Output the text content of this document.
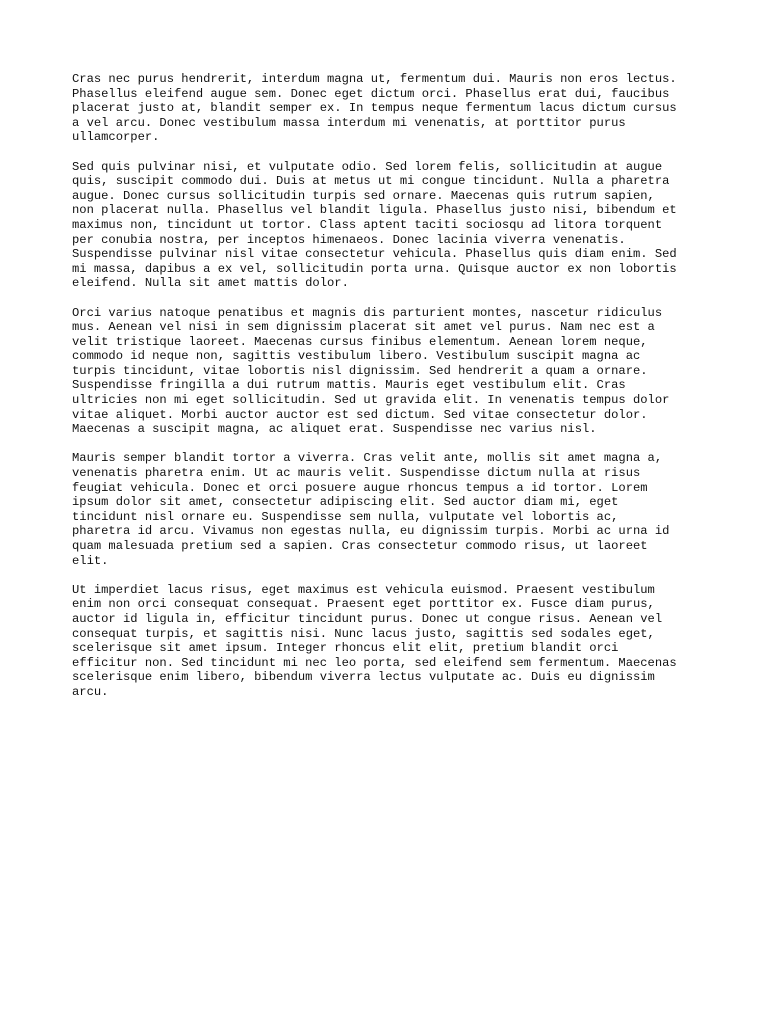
Cras nec purus hendrerit, interdum magna ut, fermentum dui. Mauris non eros lectus.
Phasellus eleifend augue sem. Donec eget dictum orci. Phasellus erat dui, faucibus
placerat justo at, blandit semper ex. In tempus neque fermentum lacus dictum cursus
a vel arcu. Donec vestibulum massa interdum mi venenatis, at porttitor purus
ullamcorper.

Sed quis pulvinar nisi, et vulputate odio. Sed lorem felis, sollicitudin at augue
quis, suscipit commodo dui. Duis at metus ut mi congue tincidunt. Nulla a pharetra
augue. Donec cursus sollicitudin turpis sed ornare. Maecenas quis rutrum sapien,
non placerat nulla. Phasellus vel blandit ligula. Phasellus justo nisi, bibendum et
maximus non, tincidunt ut tortor. Class aptent taciti sociosqu ad litora torquent
per conubia nostra, per inceptos himenaeos. Donec lacinia viverra venenatis.
Suspendisse pulvinar nisl vitae consectetur vehicula. Phasellus quis diam enim. Sed
mi massa, dapibus a ex vel, sollicitudin porta urna. Quisque auctor ex non lobortis
eleifend. Nulla sit amet mattis dolor.

Orci varius natoque penatibus et magnis dis parturient montes, nascetur ridiculus
mus. Aenean vel nisi in sem dignissim placerat sit amet vel purus. Nam nec est a
velit tristique laoreet. Maecenas cursus finibus elementum. Aenean lorem neque,
commodo id neque non, sagittis vestibulum libero. Vestibulum suscipit magna ac
turpis tincidunt, vitae lobortis nisl dignissim. Sed hendrerit a quam a ornare.
Suspendisse fringilla a dui rutrum mattis. Mauris eget vestibulum elit. Cras
ultricies non mi eget sollicitudin. Sed ut gravida elit. In venenatis tempus dolor
vitae aliquet. Morbi auctor auctor est sed dictum. Sed vitae consectetur dolor.
Maecenas a suscipit magna, ac aliquet erat. Suspendisse nec varius nisl.

Mauris semper blandit tortor a viverra. Cras velit ante, mollis sit amet magna a,
venenatis pharetra enim. Ut ac mauris velit. Suspendisse dictum nulla at risus
feugiat vehicula. Donec et orci posuere augue rhoncus tempus a id tortor. Lorem
ipsum dolor sit amet, consectetur adipiscing elit. Sed auctor diam mi, eget
tincidunt nisl ornare eu. Suspendisse sem nulla, vulputate vel lobortis ac,
pharetra id arcu. Vivamus non egestas nulla, eu dignissim turpis. Morbi ac urna id
quam malesuada pretium sed a sapien. Cras consectetur commodo risus, ut laoreet
elit.

Ut imperdiet lacus risus, eget maximus est vehicula euismod. Praesent vestibulum
enim non orci consequat consequat. Praesent eget porttitor ex. Fusce diam purus,
auctor id ligula in, efficitur tincidunt purus. Donec ut congue risus. Aenean vel
consequat turpis, et sagittis nisi. Nunc lacus justo, sagittis sed sodales eget,
scelerisque sit amet ipsum. Integer rhoncus elit elit, pretium blandit orci
efficitur non. Sed tincidunt mi nec leo porta, sed eleifend sem fermentum. Maecenas
scelerisque enim libero, bibendum viverra lectus vulputate ac. Duis eu dignissim
arcu.
